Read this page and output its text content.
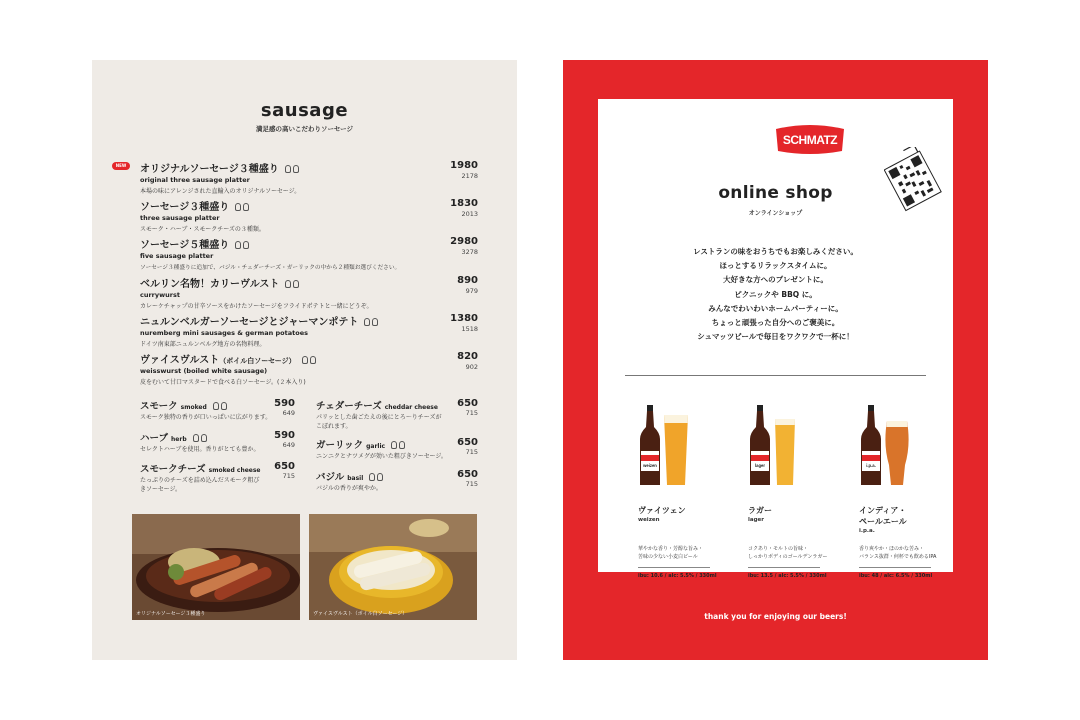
sausage
満足感の高いこだわりソーセージ
NEW	オリジナルソーセージ３種盛り
original three sausage platter
本場の味にアレンジされた直輸入のオリジナルソーセージ。
1980
2178
ソーセージ３種盛り
three sausage platter
スモーク・ハーブ・スモークチーズの３種類。
1830
2013
ソーセージ５種盛り
five sausage platter
ソーセージ３種盛りに追加で、バジル・チェダーチーズ・ガーリックの中から２種類お選びください。
2980
3278
ベルリン名物！カリーヴルスト
currywurst
カレーケチャップの甘辛ソースをかけたソーセージをフライドポテトと一緒にどうぞ。
890
979
ニュルンベルガーソーセージとジャーマンポテト
nuremberg mini sausages & german potatoes
ドイツ南東部ニュルンベルグ地方の名物料理。
1380
1518
ヴァイスヴルスト（ボイル白ソーセージ）
weisswurst (boiled white sausage)
皮をむいて甘口マスタードで食べる白ソーセージ。(２本入り)
820
902
スモーク smoked
スモーク独特の香りが口いっぱいに広がります。
590
649
ハーブ herb
セレクトハーブを使用。香りがとても豊か。
590
649
スモークチーズ smoked cheese
たっぷりのチーズを詰め込んだスモーク粗びきソーセージ。
650
715
チェダーチーズ cheddar cheese
パリッとした歯ごたえの後にとろ〜りチーズがこぼれます。
650
715
ガーリック garlic
ニンニクとナツメグが効いた粗びきソーセージ。
650
715
バジル basil
バジルの香りが爽やか。
650
715
オリジナルソーセージ３種盛り	ヴァイスヴルスト（ボイル白ソーセージ）
SCHMATZ
online shop
オンラインショップ
レストランの味をおうちでもお楽しみください。
ほっとするリラックスタイムに。
大好きな方へのプレゼントに。
ピクニックや BBQ に。
みんなでわいわいホームパーティーに。
ちょっと頑張った自分へのご褒美に。
シュマッツビールで毎日をワクワクで一杯に！
weizen
ヴァイツェン
weizen
華やかな香り・芳醇な旨み・
苦味の少ない小麦白ビール
ibu: 10.6 / alc: 5.5% / 330ml
lager
ラガー
lager
コクあり・モルトの旨味・
しっかりボディのゴールデンラガー
ibu: 13.5 / alc: 5.5% / 330ml
i.p.a.
インディア・
ペールエール
i.p.a.
香り爽やか・ほのかな苦み・
バランス抜群・何杯でも飲めるIPA
ibu: 48 / alc: 6.5% / 330ml
thank you for enjoying our beers!
